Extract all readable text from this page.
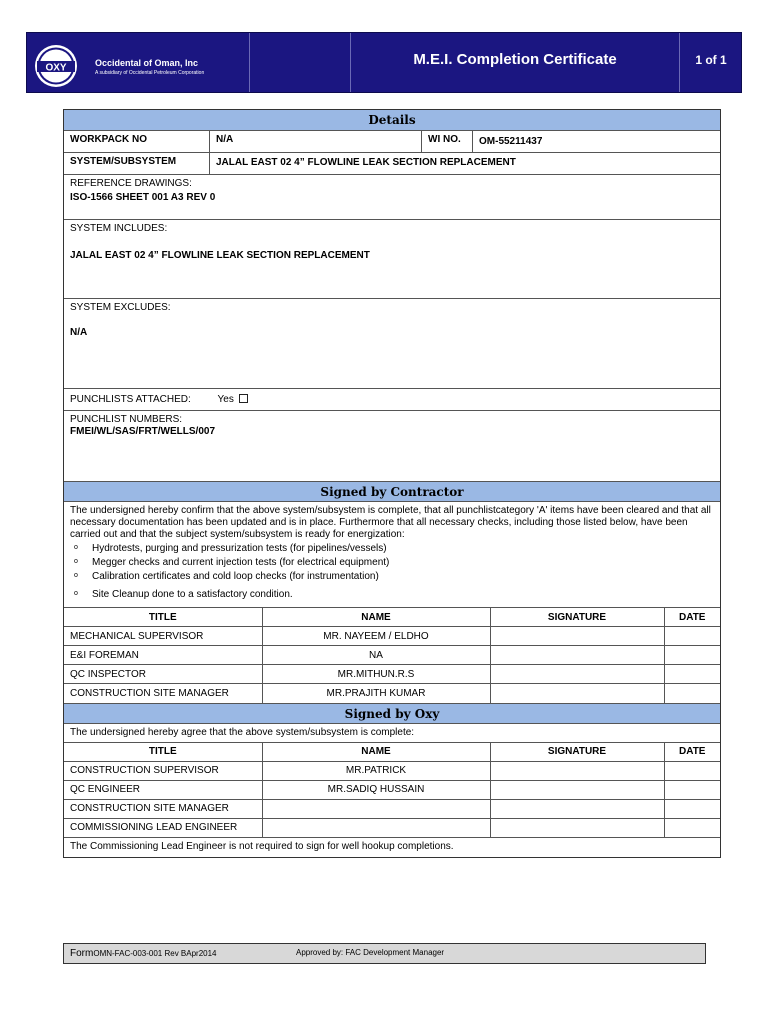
OXY	Occidental of Oman, Inc
A subsidiary of Occidental Petroleum Corporation
M.E.I. Completion Certificate	1 of 1
Details
WORKPACK NO	N/A	WI NO.	OM-55211437
SYSTEM/SUBSYSTEM	JALAL EAST 02 4” FLOWLINE LEAK SECTION REPLACEMENT
REFERENCE DRAWINGS:
ISO-1566 SHEET 001 A3 REV 0
SYSTEM INCLUDES:
JALAL EAST 02 4” FLOWLINE LEAK SECTION REPLACEMENT
SYSTEM EXCLUDES:
N/A
PUNCHLISTS ATTACHED:	Yes
PUNCHLIST NUMBERS:
FMEI/WL/SAS/FRT/WELLS/007
Signed by Contractor
The undersigned hereby confirm that the above system/subsystem is complete, that all punchlistcategory 'A' items have been cleared and that all necessary documentation has been updated and is in place. Furthermore that all necessary checks, including those listed below, have been carried out and that the subject system/subsystem is ready for energization:
o Hydrotests, purging and pressurization tests (for pipelines/vessels)
o Megger checks and current injection tests (for electrical equipment)
o Calibration certificates and cold loop checks (for instrumentation)
o Site Cleanup done to a satisfactory condition.
TITLE	NAME	SIGNATURE	DATE
MECHANICAL SUPERVISOR	MR. NAYEEM / ELDHO		
E&I FOREMAN	NA		
QC INSPECTOR	MR.MITHUN.R.S		
CONSTRUCTION SITE MANAGER	MR.PRAJITH KUMAR		
Signed by Oxy
The undersigned hereby agree that the above system/subsystem is complete:
TITLE	NAME	SIGNATURE	DATE
CONSTRUCTION SUPERVISOR	MR.PATRICK		
QC ENGINEER	MR.SADIQ HUSSAIN		
CONSTRUCTION SITE MANAGER			
COMMISSIONING LEAD ENGINEER			
The Commissioning Lead Engineer is not required to sign for well hookup completions.
FormOMN-FAC-003-001 Rev BApr2014	Approved by: FAC Development Manager
